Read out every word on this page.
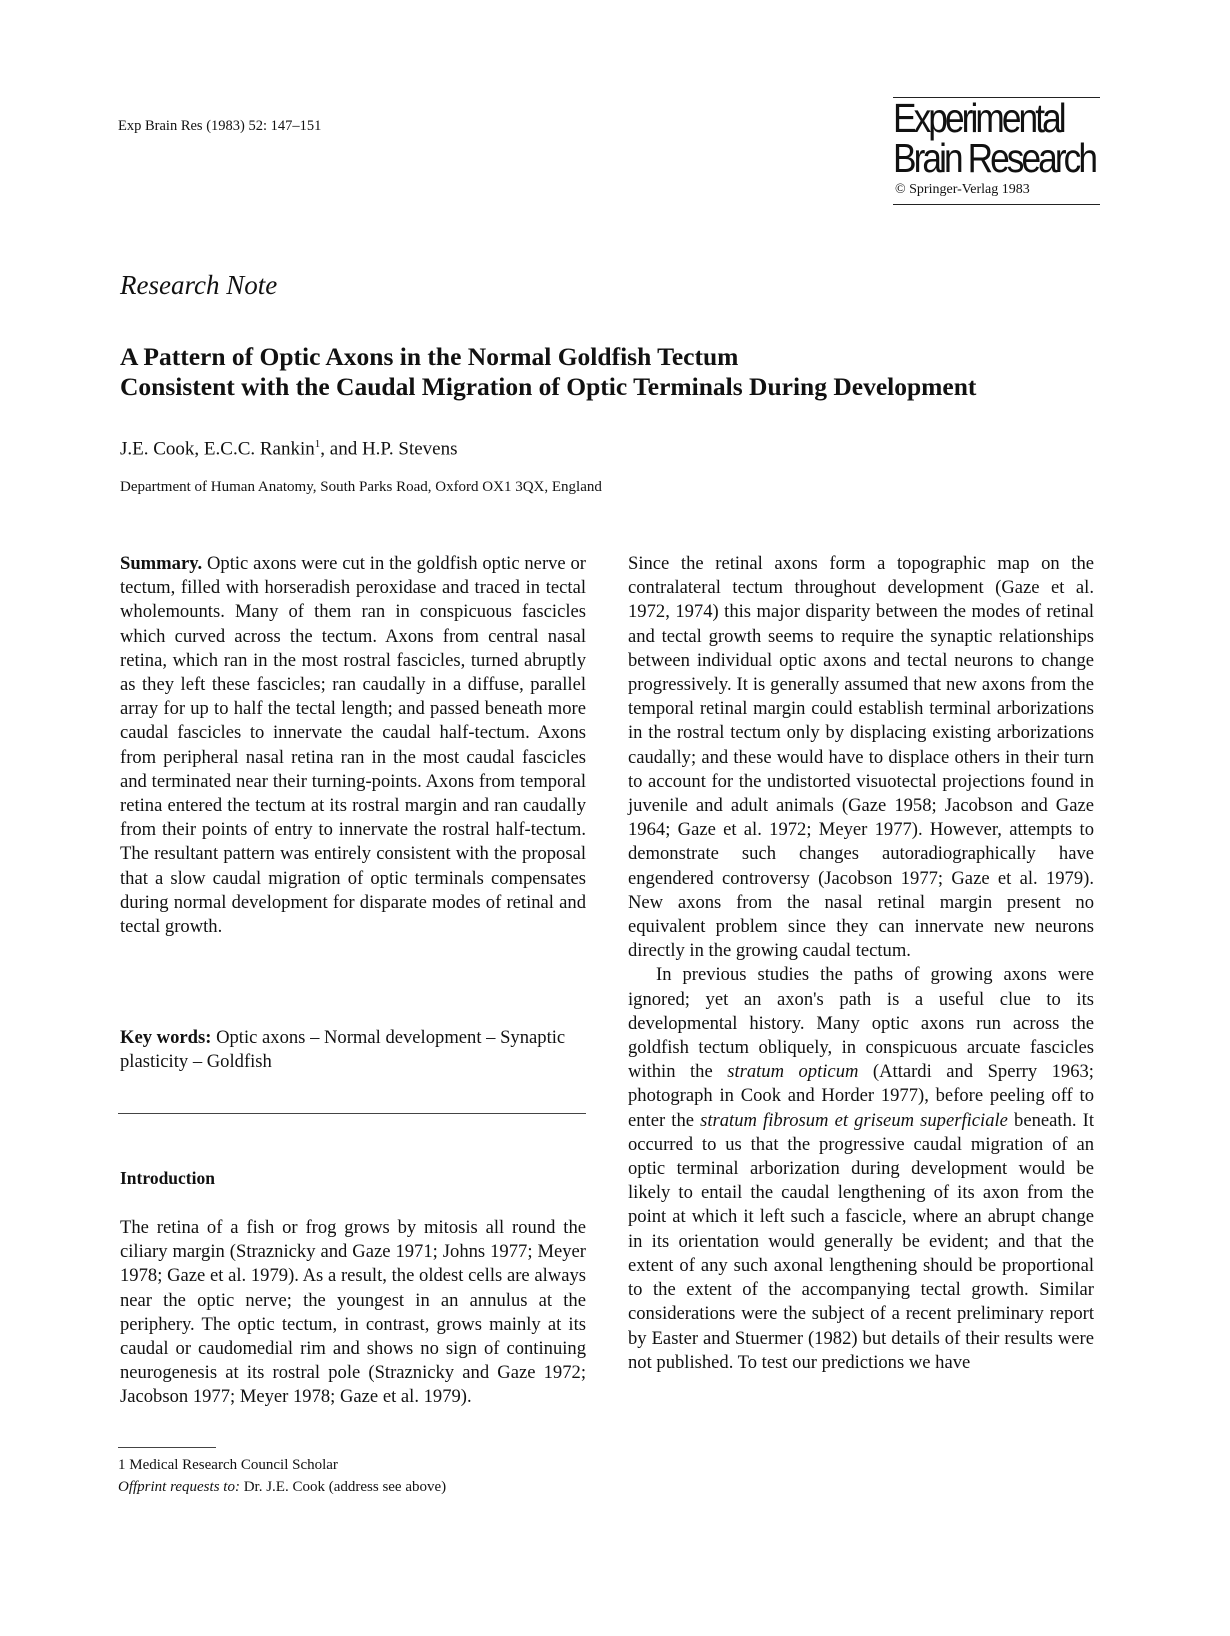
Exp Brain Res (1983) 52: 147–151	Experimental
Brain Research
© Springer-Verlag 1983
Research Note
A Pattern of Optic Axons in the Normal Goldfish Tectum
Consistent with the Caudal Migration of Optic Terminals During Development
J.E. Cook, E.C.C. Rankin$^1$, and H.P. Stevens
Department of Human Anatomy, South Parks Road, Oxford OX1 3QX, England

Summary. Optic axons were cut in the goldfish optic nerve or tectum, filled with horseradish peroxidase and traced in tectal wholemounts. Many of them ran in conspicuous fascicles which curved across the tectum. Axons from central nasal retina, which ran in the most rostral fascicles, turned abruptly as they left these fascicles; ran caudally in a diffuse, parallel array for up to half the tectal length; and passed beneath more caudal fascicles to innervate the caudal half-tectum. Axons from peripheral nasal retina ran in the most caudal fascicles and terminated near their turning-points. Axons from temporal retina entered the tectum at its rostral margin and ran caudally from their points of entry to innervate the rostral half-tectum. The resultant pattern was entirely consistent with the proposal that a slow caudal migration of optic terminals compensates during normal development for disparate modes of retinal and tectal growth.

Key words: Optic axons – Normal development – Synaptic plasticity – Goldfish
Introduction

The retina of a fish or frog grows by mitosis all round the ciliary margin (Straznicky and Gaze 1971; Johns 1977; Meyer 1978; Gaze et al. 1979). As a result, the oldest cells are always near the optic nerve; the youngest in an annulus at the periphery. The optic tectum, in contrast, grows mainly at its caudal or caudomedial rim and shows no sign of continuing neurogenesis at its rostral pole (Straznicky and Gaze 1972; Jacobson 1977; Meyer 1978; Gaze et al. 1979).

1 Medical Research Council Scholar
Offprint requests to: Dr. J.E. Cook (address see above)

Since the retinal axons form a topographic map on the contralateral tectum throughout development (Gaze et al. 1972, 1974) this major disparity between the modes of retinal and tectal growth seems to require the synaptic relationships between individual optic axons and tectal neurons to change progressively. It is generally assumed that new axons from the temporal retinal margin could establish terminal arborizations in the rostral tectum only by displacing existing arborizations caudally; and these would have to displace others in their turn to account for the undistorted visuotectal projections found in juvenile and adult animals (Gaze 1958; Jacobson and Gaze 1964; Gaze et al. 1972; Meyer 1977). However, attempts to demonstrate such changes autoradiographically have engendered controversy (Jacobson 1977; Gaze et al. 1979). New axons from the nasal retinal margin present no equivalent problem since they can innervate new neurons directly in the growing caudal tectum.

In previous studies the paths of growing axons were ignored; yet an axon's path is a useful clue to its developmental history. Many optic axons run across the goldfish tectum obliquely, in conspicuous arcuate fascicles within the stratum opticum (Attardi and Sperry 1963; photograph in Cook and Horder 1977), before peeling off to enter the stratum fibrosum et griseum superficiale beneath. It occurred to us that the progressive caudal migration of an optic terminal arborization during development would be likely to entail the caudal lengthening of its axon from the point at which it left such a fascicle, where an abrupt change in its orientation would generally be evident; and that the extent of any such axonal lengthening should be proportional to the extent of the accompanying tectal growth. Similar considerations were the subject of a recent preliminary report by Easter and Stuermer (1982) but details of their results were not published. To test our predictions we have
